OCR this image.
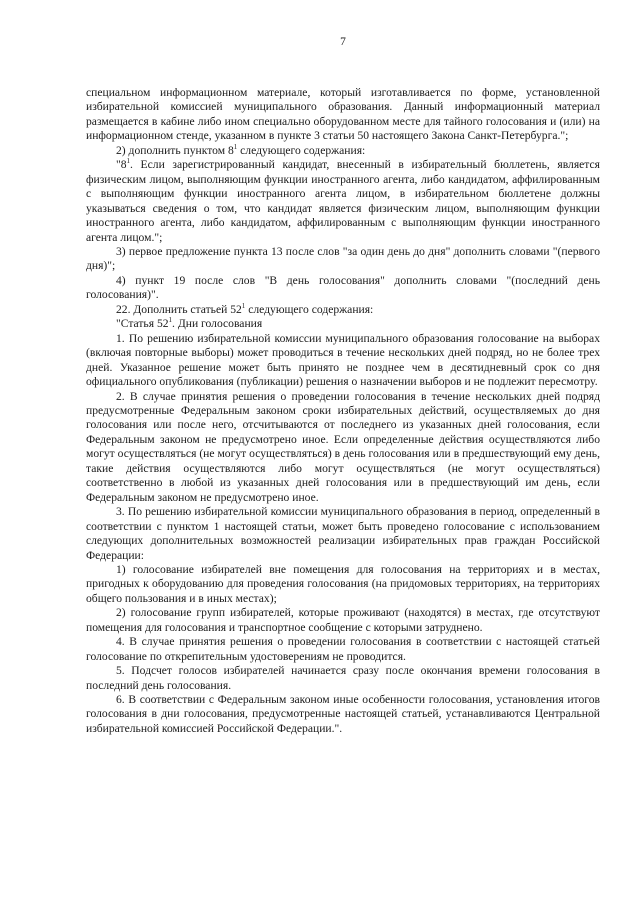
7

специальном информационном материале, который изготавливается по форме, установленной избирательной комиссией муниципального образования. Данный информационный материал размещается в кабине либо ином специально оборудованном месте для тайного голосования и (или) на информационном стенде, указанном в пункте 3 статьи 50 настоящего Закона Санкт-Петербурга.";

2) дополнить пунктом $8^1$ следующего содержания:

"$8^1$. Если зарегистрированный кандидат, внесенный в избирательный бюллетень, является физическим лицом, выполняющим функции иностранного агента, либо кандидатом, аффилированным с выполняющим функции иностранного агента лицом, в избирательном бюллетене должны указываться сведения о том, что кандидат является физическим лицом, выполняющим функции иностранного агента, либо кандидатом, аффилированным с выполняющим функции иностранного агента лицом.";

3) первое предложение пункта 13 после слов "за один день до дня" дополнить словами "(первого дня)";

4) пункт 19 после слов "В день голосования" дополнить словами "(последний день голосования)".

22. Дополнить статьей $52^1$ следующего содержания:

"Статья $52^1$. Дни голосования

1. По решению избирательной комиссии муниципального образования голосование на выборах (включая повторные выборы) может проводиться в течение нескольких дней подряд, но не более трех дней. Указанное решение может быть принято не позднее чем в десятидневный срок со дня официального опубликования (публикации) решения о назначении выборов и не подлежит пересмотру.

2. В случае принятия решения о проведении голосования в течение нескольких дней подряд предусмотренные Федеральным законом сроки избирательных действий, осуществляемых до дня голосования или после него, отсчитываются от последнего из указанных дней голосования, если Федеральным законом не предусмотрено иное. Если определенные действия осуществляются либо могут осуществляться (не могут осуществляться) в день голосования или в предшествующий ему день, такие действия осуществляются либо могут осуществляться (не могут осуществляться) соответственно в любой из указанных дней голосования или в предшествующий им день, если Федеральным законом не предусмотрено иное.

3. По решению избирательной комиссии муниципального образования в период, определенный в соответствии с пунктом 1 настоящей статьи, может быть проведено голосование с использованием следующих дополнительных возможностей реализации избирательных прав граждан Российской Федерации:

1) голосование избирателей вне помещения для голосования на территориях и в местах, пригодных к оборудованию для проведения голосования (на придомовых территориях, на территориях общего пользования и в иных местах);

2) голосование групп избирателей, которые проживают (находятся) в местах, где отсутствуют помещения для голосования и транспортное сообщение с которыми затруднено.

4. В случае принятия решения о проведении голосования в соответствии с настоящей статьей голосование по открепительным удостоверениям не проводится.

5. Подсчет голосов избирателей начинается сразу после окончания времени голосования в последний день голосования.

6. В соответствии с Федеральным законом иные особенности голосования, установления итогов голосования в дни голосования, предусмотренные настоящей статьей, устанавливаются Центральной избирательной комиссией Российской Федерации.".
